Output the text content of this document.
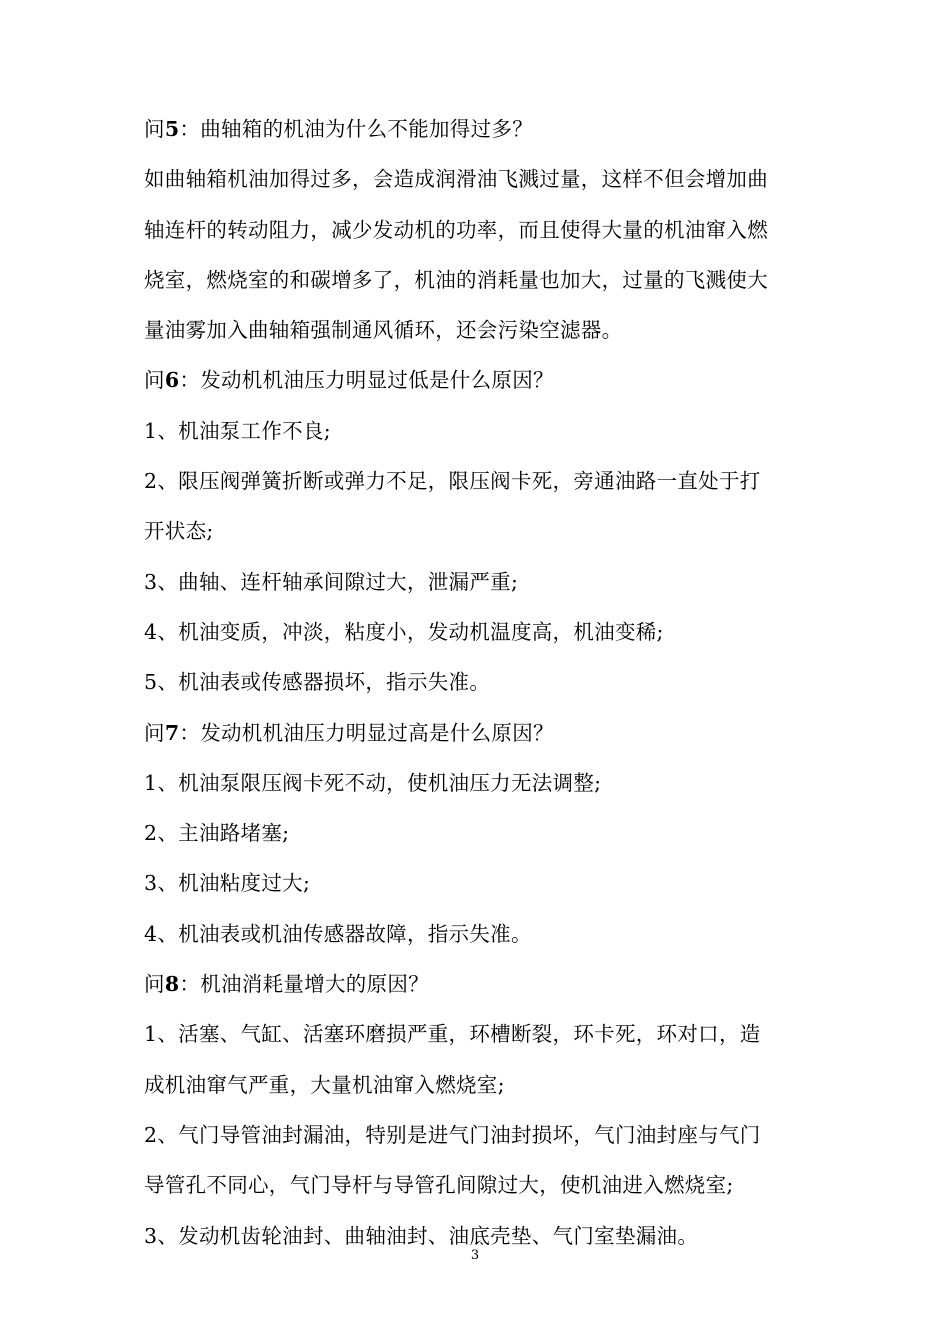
问5：曲轴箱的机油为什么不能加得过多？
如曲轴箱机油加得过多，会造成润滑油飞溅过量，这样不但会增加曲
轴连杆的转动阻力，减少发动机的功率，而且使得大量的机油窜入燃
烧室，燃烧室的和碳增多了，机油的消耗量也加大，过量的飞溅使大
量油雾加入曲轴箱强制通风循环，还会污染空滤器。
问6：发动机机油压力明显过低是什么原因？
1、机油泵工作不良;
2、限压阀弹簧折断或弹力不足，限压阀卡死，旁通油路一直处于打
开状态;
3、曲轴、连杆轴承间隙过大，泄漏严重;
4、机油变质，冲淡，粘度小，发动机温度高，机油变稀;
5、机油表或传感器损坏，指示失准。
问7：发动机机油压力明显过高是什么原因？
1、机油泵限压阀卡死不动，使机油压力无法调整;
2、主油路堵塞;
3、机油粘度过大;
4、机油表或机油传感器故障，指示失准。
问8：机油消耗量增大的原因？
1、活塞、气缸、活塞环磨损严重，环槽断裂，环卡死，环对口，造
成机油窜气严重，大量机油窜入燃烧室;
2、气门导管油封漏油，特别是进气门油封损坏，气门油封座与气门
导管孔不同心，气门导杆与导管孔间隙过大，使机油进入燃烧室;
3、发动机齿轮油封、曲轴油封、油底壳垫、气门室垫漏油。
3
